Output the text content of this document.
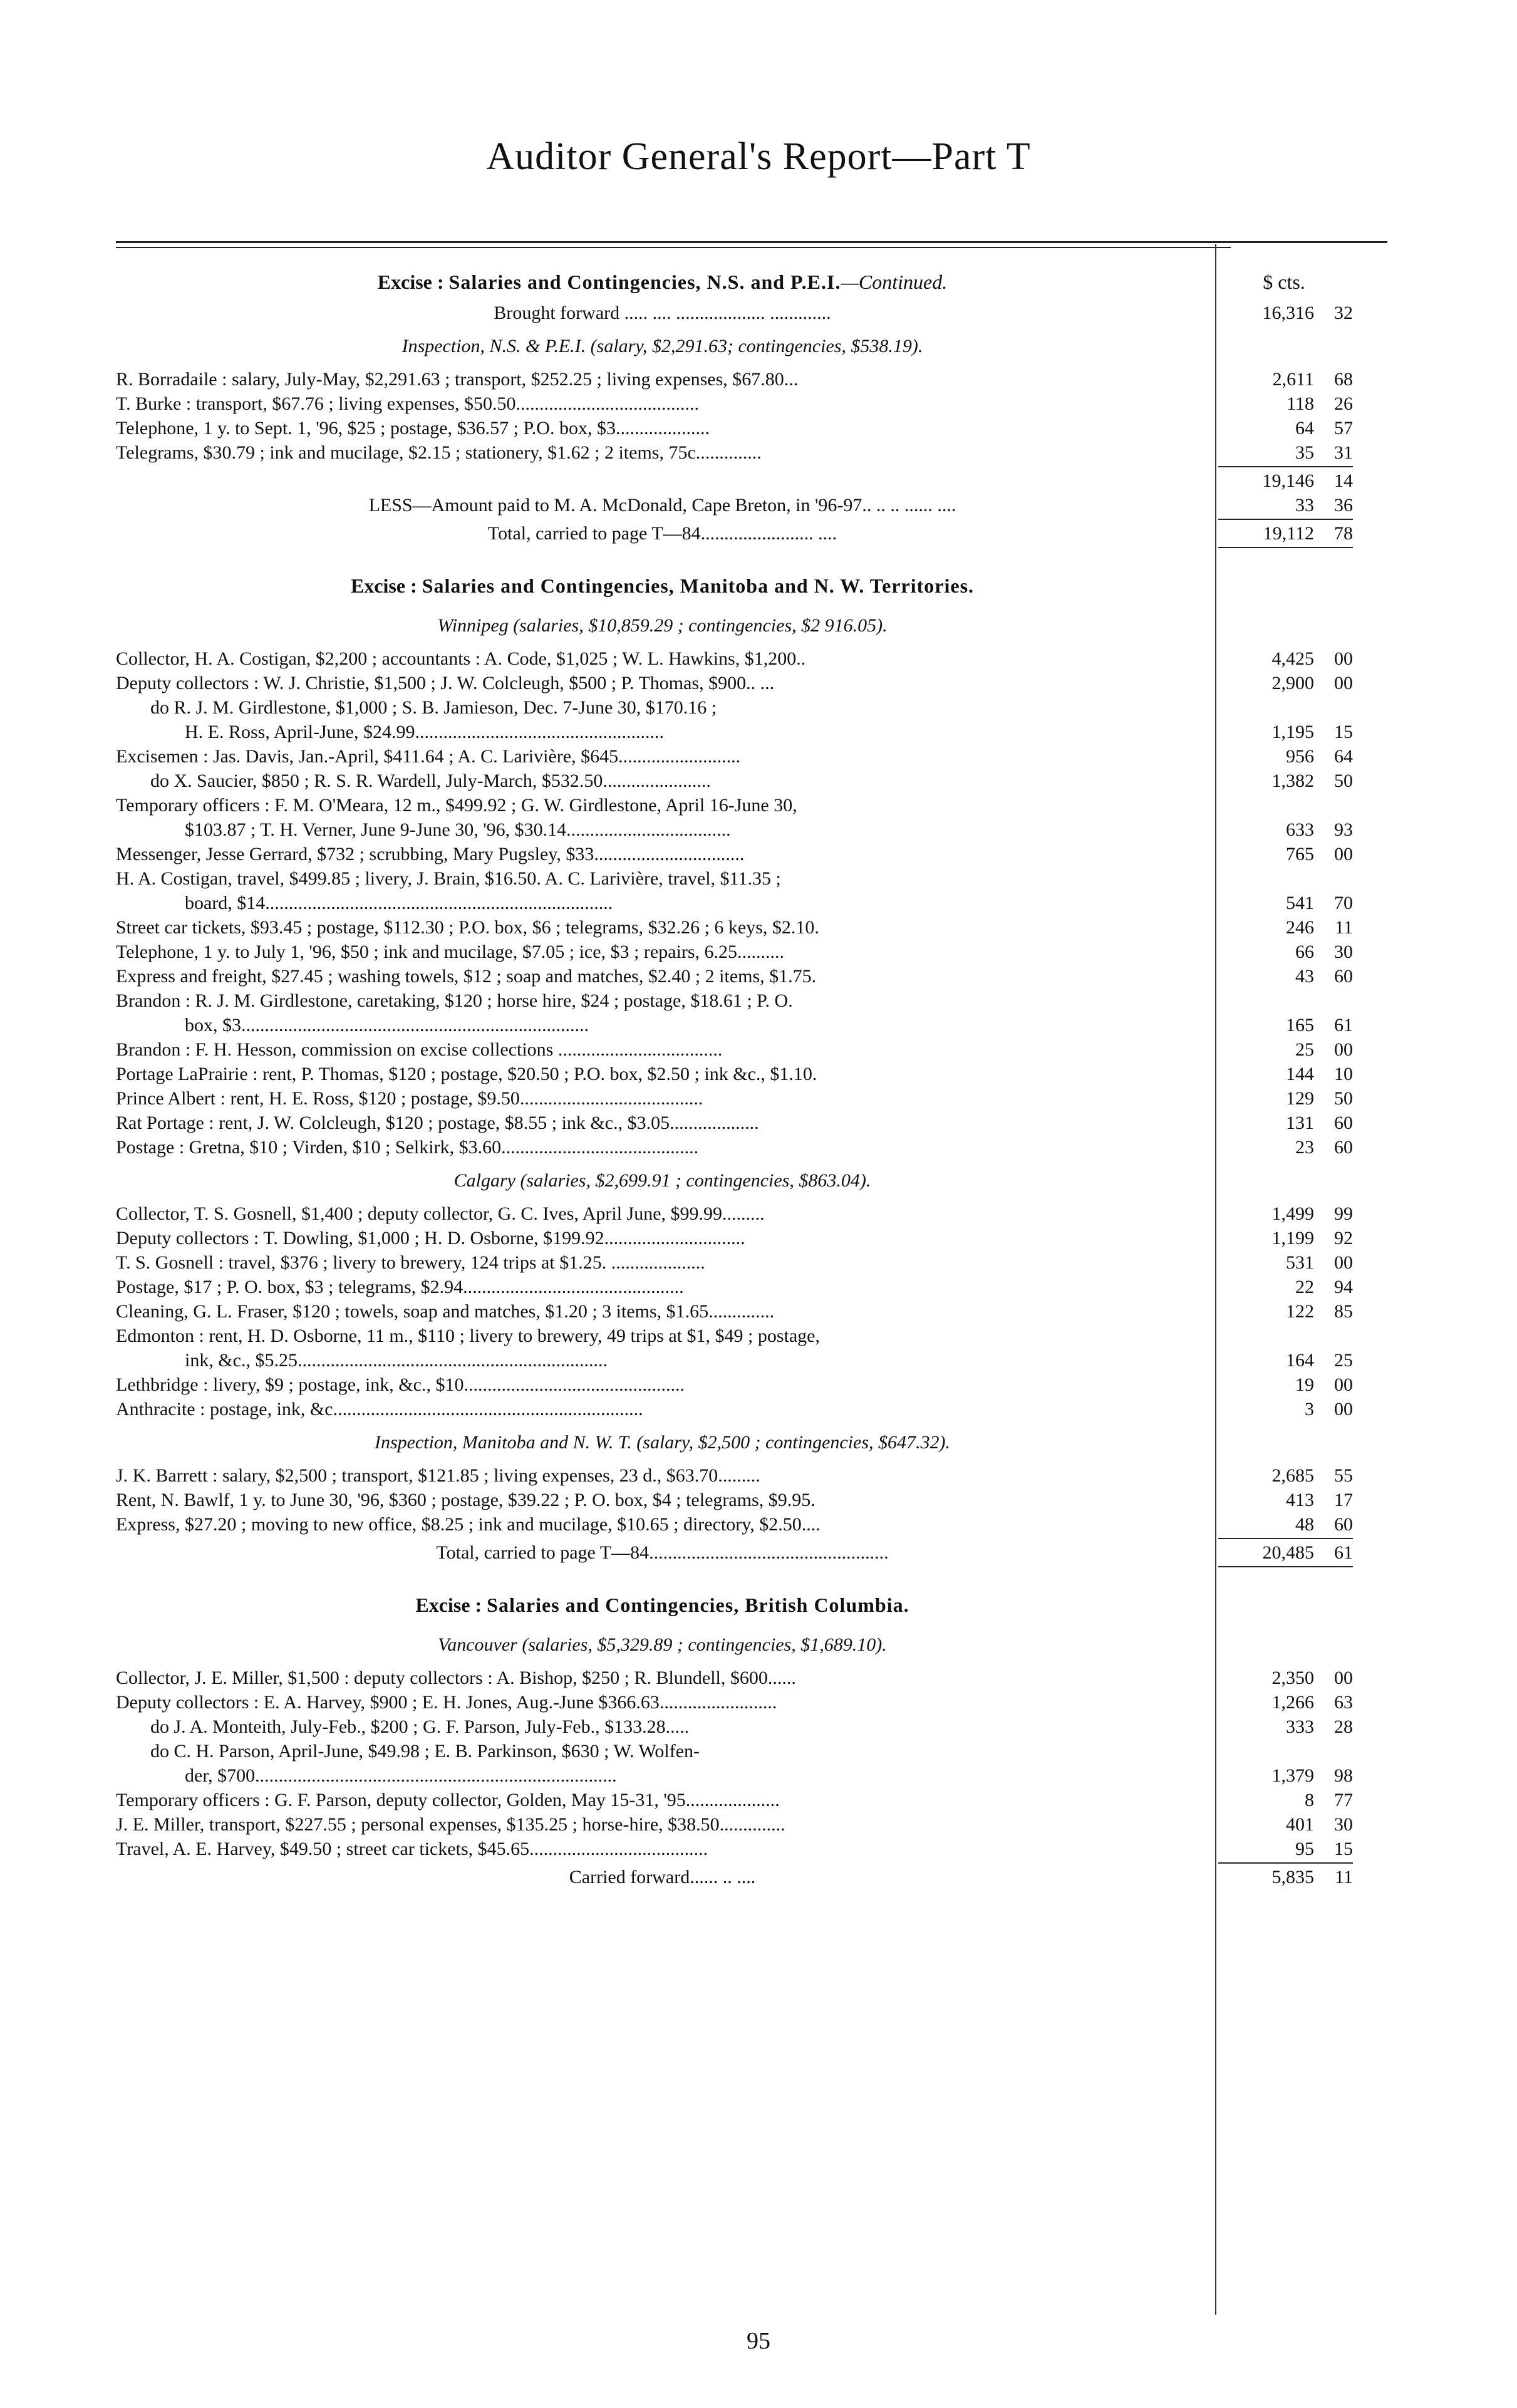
Auditor General's Report—Part T
Excise : Salaries and Contingencies, N.S. and P.E.I.—Continued.	$ cts.
Brought forward ..... .... ................... .............	16,316 32
Inspection, N.S. & P.E.I. (salary, $2,291.63; contingencies, $538.19).
R. Borradaile : salary, July-May, $2,291.63 ; transport, $252.25 ; living expenses, $67.80...	2,611 68
T. Burke : transport, $67.76 ; living expenses, $50.50.......................................	118 26
Telephone, 1 y. to Sept. 1, '96, $25 ; postage, $36.57 ; P.O. box, $3....................	64 57
Telegrams, $30.79 ; ink and mucilage, $2.15 ; stationery, $1.62 ; 2 items, 75c..............	35 31
19,146 14
LESS—Amount paid to M. A. McDonald, Cape Breton, in '96-97.. .. .. ...... ....	33 36
Total, carried to page T—84........................ ....	19,112 78
Excise : Salaries and Contingencies, Manitoba and N. W. Territories.
Winnipeg (salaries, $10,859.29 ; contingencies, $2 916.05).
Collector, H. A. Costigan, $2,200 ; accountants : A. Code, $1,025 ; W. L. Hawkins, $1,200..	4,425 00
Deputy collectors : W. J. Christie, $1,500 ; J. W. Colcleugh, $500 ; P. Thomas, $900.. ...	2,900 00
do R. J. M. Girdlestone, $1,000 ; S. B. Jamieson, Dec. 7-June 30, $170.16 ;
H. E. Ross, April-June, $24.99.....................................................	1,195 15
Excisemen : Jas. Davis, Jan.-April, $411.64 ; A. C. Larivière, $645..........................	956 64
do X. Saucier, $850 ; R. S. R. Wardell, July-March, $532.50.......................	1,382 50
Temporary officers : F. M. O'Meara, 12 m., $499.92 ; G. W. Girdlestone, April 16-June 30,
$103.87 ; T. H. Verner, June 9-June 30, '96, $30.14...................................	633 93
Messenger, Jesse Gerrard, $732 ; scrubbing, Mary Pugsley, $33................................	765 00
H. A. Costigan, travel, $499.85 ; livery, J. Brain, $16.50. A. C. Larivière, travel, $11.35 ;
board, $14..........................................................................	541 70
Street car tickets, $93.45 ; postage, $112.30 ; P.O. box, $6 ; telegrams, $32.26 ; 6 keys, $2.10.	246 11
Telephone, 1 y. to July 1, '96, $50 ; ink and mucilage, $7.05 ; ice, $3 ; repairs, 6.25..........	66 30
Express and freight, $27.45 ; washing towels, $12 ; soap and matches, $2.40 ; 2 items, $1.75.	43 60
Brandon : R. J. M. Girdlestone, caretaking, $120 ; horse hire, $24 ; postage, $18.61 ; P. O.
box, $3..........................................................................	165 61
Brandon : F. H. Hesson, commission on excise collections ...................................	25 00
Portage LaPrairie : rent, P. Thomas, $120 ; postage, $20.50 ; P.O. box, $2.50 ; ink &c., $1.10.	144 10
Prince Albert : rent, H. E. Ross, $120 ; postage, $9.50.......................................	129 50
Rat Portage : rent, J. W. Colcleugh, $120 ; postage, $8.55 ; ink &c., $3.05...................	131 60
Postage : Gretna, $10 ; Virden, $10 ; Selkirk, $3.60..........................................	23 60
Calgary (salaries, $2,699.91 ; contingencies, $863.04).
Collector, T. S. Gosnell, $1,400 ; deputy collector, G. C. Ives, April June, $99.99.........	1,499 99
Deputy collectors : T. Dowling, $1,000 ; H. D. Osborne, $199.92..............................	1,199 92
T. S. Gosnell : travel, $376 ; livery to brewery, 124 trips at $1.25. ....................	531 00
Postage, $17 ; P. O. box, $3 ; telegrams, $2.94...............................................	22 94
Cleaning, G. L. Fraser, $120 ; towels, soap and matches, $1.20 ; 3 items, $1.65..............	122 85
Edmonton : rent, H. D. Osborne, 11 m., $110 ; livery to brewery, 49 trips at $1, $49 ; postage,
ink, &c., $5.25..................................................................	164 25
Lethbridge : livery, $9 ; postage, ink, &c., $10...............................................	19 00
Anthracite : postage, ink, &c..................................................................	3 00
Inspection, Manitoba and N. W. T. (salary, $2,500 ; contingencies, $647.32).
J. K. Barrett : salary, $2,500 ; transport, $121.85 ; living expenses, 23 d., $63.70.........	2,685 55
Rent, N. Bawlf, 1 y. to June 30, '96, $360 ; postage, $39.22 ; P. O. box, $4 ; telegrams, $9.95.	413 17
Express, $27.20 ; moving to new office, $8.25 ; ink and mucilage, $10.65 ; directory, $2.50....	48 60
Total, carried to page T—84...................................................	20,485 61
Excise : Salaries and Contingencies, British Columbia.
Vancouver (salaries, $5,329.89 ; contingencies, $1,689.10).
Collector, J. E. Miller, $1,500 : deputy collectors : A. Bishop, $250 ; R. Blundell, $600......	2,350 00
Deputy collectors : E. A. Harvey, $900 ; E. H. Jones, Aug.-June $366.63.........................	1,266 63
do J. A. Monteith, July-Feb., $200 ; G. F. Parson, July-Feb., $133.28.....	333 28
do C. H. Parson, April-June, $49.98 ; E. B. Parkinson, $630 ; W. Wolfen-
der, $700.............................................................................	1,379 98
Temporary officers : G. F. Parson, deputy collector, Golden, May 15-31, '95....................	8 77
J. E. Miller, transport, $227.55 ; personal expenses, $135.25 ; horse-hire, $38.50..............	401 30
Travel, A. E. Harvey, $49.50 ; street car tickets, $45.65......................................	95 15
Carried forward...... .. ....	5,835 11
95
